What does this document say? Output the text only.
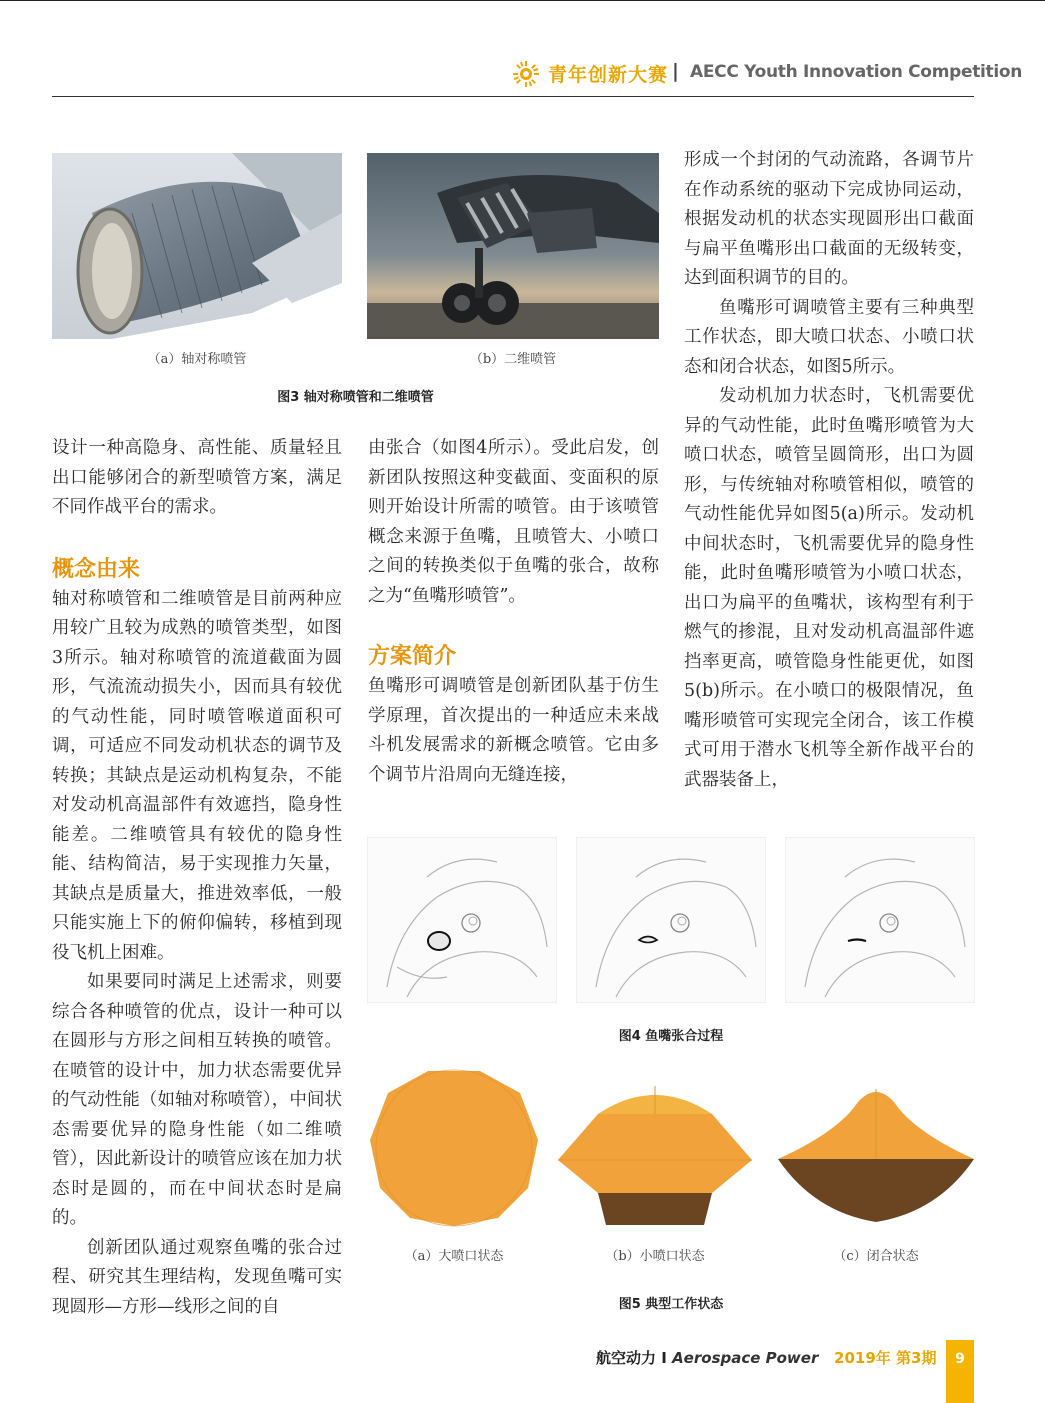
青年创新大赛 | AECC Youth Innovation Competition
（a）轴对称喷管	（b）二维喷管
图3 轴对称喷管和二维喷管

设计一种高隐身、高性能、质量轻且出口能够闭合的新型喷管方案，满足不同作战平台的需求。

概念由来

轴对称喷管和二维喷管是目前两种应用较广且较为成熟的喷管类型，如图3所示。轴对称喷管的流道截面为圆形，气流流动损失小，因而具有较优的气动性能，同时喷管喉道面积可调，可适应不同发动机状态的调节及转换；其缺点是运动机构复杂，不能对发动机高温部件有效遮挡，隐身性能差。二维喷管具有较优的隐身性能、结构简洁，易于实现推力矢量，其缺点是质量大，推进效率低，一般只能实施上下的俯仰偏转，移植到现役飞机上困难。

如果要同时满足上述需求，则要综合各种喷管的优点，设计一种可以在圆形与方形之间相互转换的喷管。在喷管的设计中，加力状态需要优异的气动性能（如轴对称喷管），中间状态需要优异的隐身性能（如二维喷管），因此新设计的喷管应该在加力状态时是圆的，而在中间状态时是扁的。

创新团队通过观察鱼嘴的张合过程、研究其生理结构，发现鱼嘴可实现圆形—方形—线形之间的自

由张合（如图4所示）。受此启发，创新团队按照这种变截面、变面积的原则开始设计所需的喷管。由于该喷管概念来源于鱼嘴，且喷管大、小喷口之间的转换类似于鱼嘴的张合，故称之为“鱼嘴形喷管”。

方案简介

鱼嘴形可调喷管是创新团队基于仿生学原理，首次提出的一种适应未来战斗机发展需求的新概念喷管。它由多个调节片沿周向无缝连接，

形成一个封闭的气动流路，各调节片在作动系统的驱动下完成协同运动，根据发动机的状态实现圆形出口截面与扁平鱼嘴形出口截面的无级转变，达到面积调节的目的。

鱼嘴形可调喷管主要有三种典型工作状态，即大喷口状态、小喷口状态和闭合状态，如图5所示。

发动机加力状态时，飞机需要优异的气动性能，此时鱼嘴形喷管为大喷口状态，喷管呈圆筒形，出口为圆形，与传统轴对称喷管相似，喷管的气动性能优异如图5(a)所示。发动机中间状态时，飞机需要优异的隐身性能，此时鱼嘴形喷管为小喷口状态，出口为扁平的鱼嘴状，该构型有利于燃气的掺混，且对发动机高温部件遮挡率更高，喷管隐身性能更优，如图5(b)所示。在小喷口的极限情况，鱼嘴形喷管可实现完全闭合，该工作模式可用于潜水飞机等全新作战平台的武器装备上，

图4 鱼嘴张合过程
（a）大喷口状态	（b）小喷口状态	（c）闭合状态
图5 典型工作状态
航空动力 I Aerospace Power 2019年 第3期	9
